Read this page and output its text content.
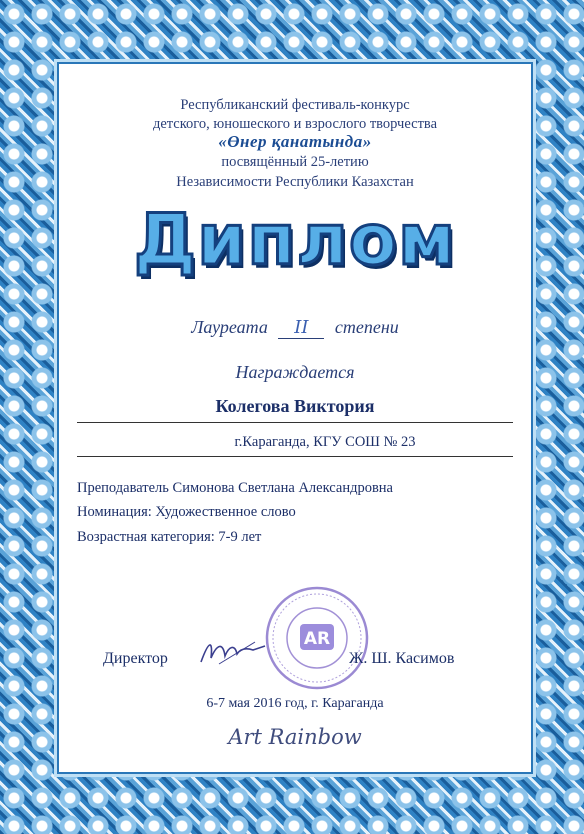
Республиканский фестиваль-конкурс
детского, юношеского и взрослого творчества
«Өнер қанатында»
посвящённый 25-летию
Независимости Республики Казахстан
Диплом
Лауреата II степени
Награждается
Колегова Виктория
г.Караганда, КГУ СОШ № 23
Преподаватель Симонова Светлана Александровна
Номинация: Художественное слово
Возрастная категория: 7-9 лет
AR
Директор	Ж. Ш. Касимов
6-7 мая 2016 год, г. Караганда
Art Rainbow
